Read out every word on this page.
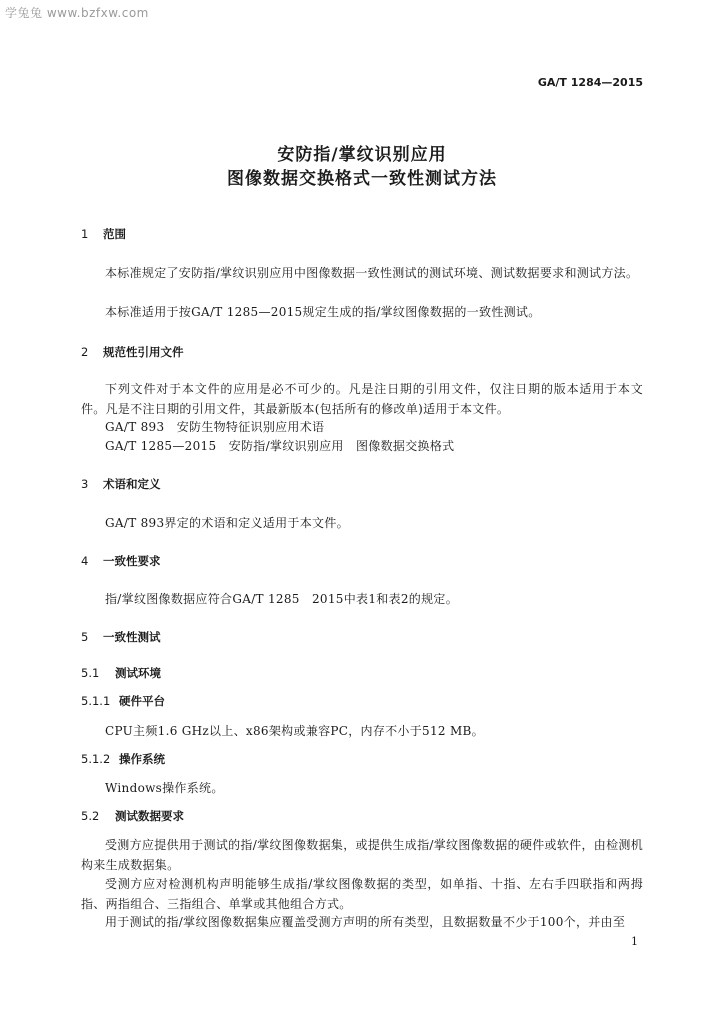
学兔兔 www.bzfxw.com
GA/T 1284—2015
安防指/掌纹识别应用
图像数据交换格式一致性测试方法
1 范围
本标准规定了安防指/掌纹识别应用中图像数据一致性测试的测试环境、测试数据要求和测试方法。
本标准适用于按GA/T 1285—2015规定生成的指/掌纹图像数据的一致性测试。
2 规范性引用文件
下列文件对于本文件的应用是必不可少的。凡是注日期的引用文件，仅注日期的版本适用于本文件。凡是不注日期的引用文件，其最新版本(包括所有的修改单)适用于本文件。
GA/T 893　安防生物特征识别应用术语
GA/T 1285—2015　安防指/掌纹识别应用　图像数据交换格式
3 术语和定义
GA/T 893界定的术语和定义适用于本文件。
4 一致性要求
指/掌纹图像数据应符合GA/T 1285　2015中表1和表2的规定。
5 一致性测试
5.1 测试环境
5.1.1 硬件平台
CPU主频1.6 GHz以上、x86架构或兼容PC，内存不小于512 MB。
5.1.2 操作系统
Windows操作系统。
5.2 测试数据要求
受测方应提供用于测试的指/掌纹图像数据集，或提供生成指/掌纹图像数据的硬件或软件，由检测机构来生成数据集。
受测方应对检测机构声明能够生成指/掌纹图像数据的类型，如单指、十指、左右手四联指和两拇指、两指组合、三指组合、单掌或其他组合方式。
用于测试的指/掌纹图像数据集应覆盖受测方声明的所有类型，且数据数量不少于100个，并由至
1
